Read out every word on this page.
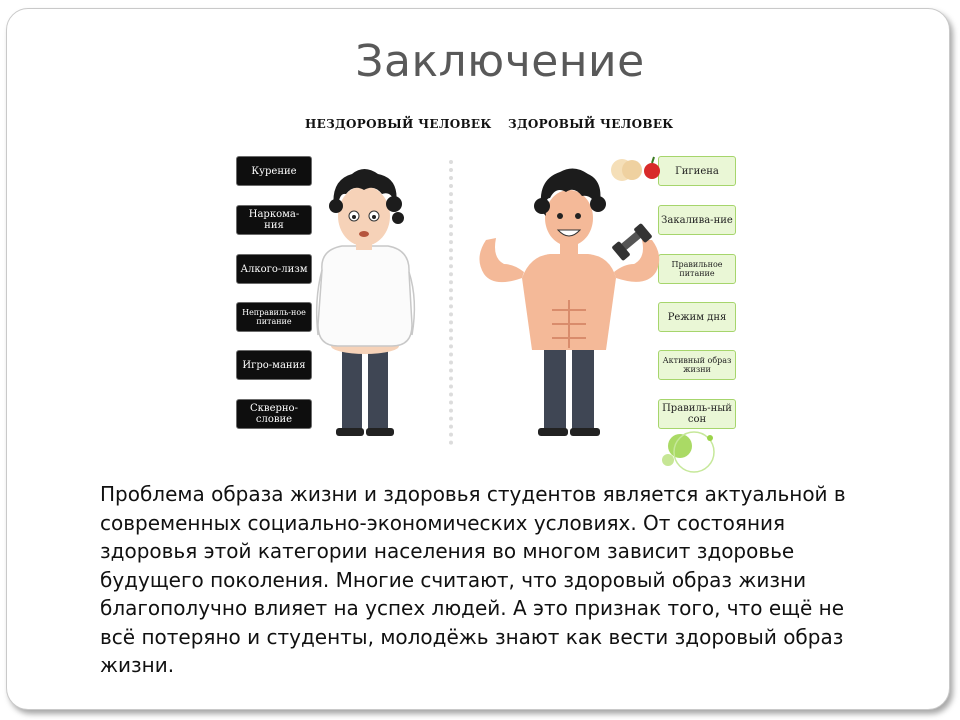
Заключение
НЕЗДОРОВЫЙ ЧЕЛОВЕК ЗДОРОВЫЙ ЧЕЛОВЕК
Курение
Наркома-ния
Алкого-лизм
Неправиль-ное питание
Игро-мания
Скверно-словие
Гигиена
Закалива-ние
Правильное питание
Режим дня
Активный образ жизни
Правиль-ный сон

Проблема образа жизни и здоровья студентов является актуальной в современных социально-экономических условиях. От состояния здоровья этой категории населения во многом зависит здоровье будущего поколения. Многие считают, что здоровый образ жизни благополучно влияет на успех людей. А это признак того, что ещё не всё потеряно и студенты, молодёжь знают как вести здоровый образ жизни.
